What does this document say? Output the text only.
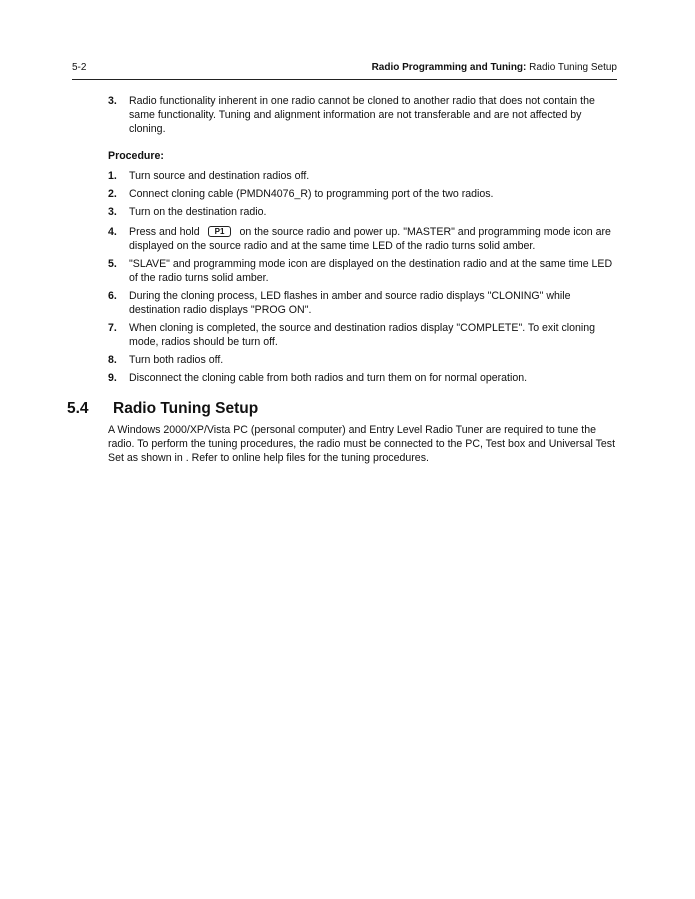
5-2	Radio Programming and Tuning: Radio Tuning Setup
3. Radio functionality inherent in one radio cannot be cloned to another radio that does not contain the same functionality. Tuning and alignment information are not transferable and are not affected by cloning.
Procedure:
1. Turn source and destination radios off.
2. Connect cloning cable (PMDN4076_R) to programming port of the two radios.
3. Turn on the destination radio.
4. Press and hold P1 on the source radio and power up. "MASTER" and programming mode icon are displayed on the source radio and at the same time LED of the radio turns solid amber.
5. "SLAVE" and programming mode icon are displayed on the destination radio and at the same time LED of the radio turns solid amber.
6. During the cloning process, LED flashes in amber and source radio displays "CLONING" while destination radio displays "PROG ON".
7. When cloning is completed, the source and destination radios display "COMPLETE". To exit cloning mode, radios should be turn off.
8. Turn both radios off.
9. Disconnect the cloning cable from both radios and turn them on for normal operation.
5.4 Radio Tuning Setup
A Windows 2000/XP/Vista PC (personal computer) and Entry Level Radio Tuner are required to tune the radio. To perform the tuning procedures, the radio must be connected to the PC, Test box and Universal Test Set as shown in . Refer to online help files for the tuning procedures.
